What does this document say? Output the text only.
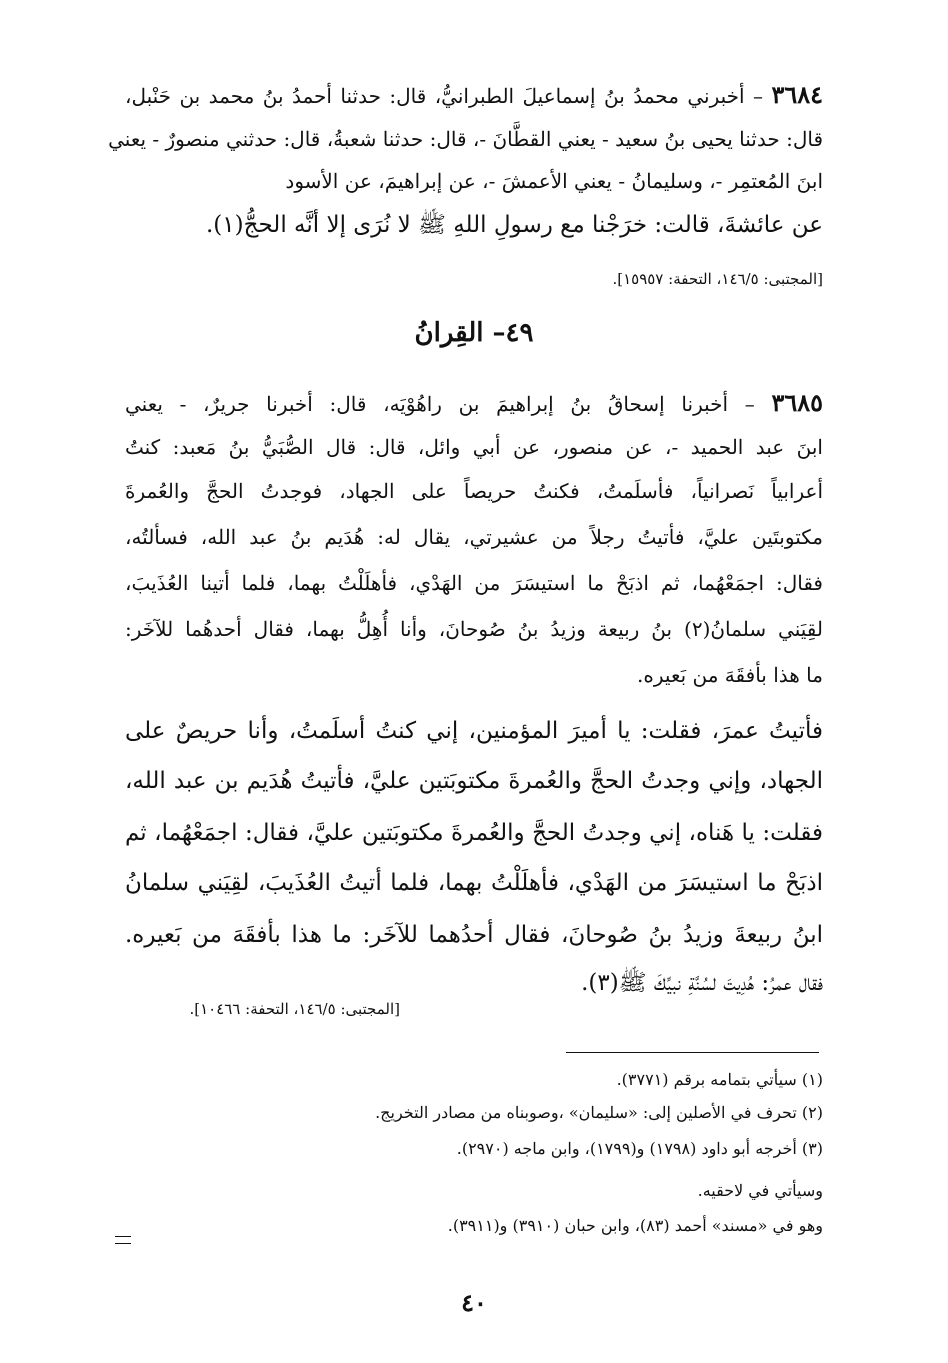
٣٦٨٤ – أخبرني محمدُ بنُ إسماعيلَ الطبرانيُّ، قال: حدثنا أحمدُ بنُ محمد بن حَنْبل،
قال: حدثنا يحيى بنُ سعيد - يعني القطَّانَ -، قال: حدثنا شعبةُ، قال: حدثني منصورٌ - يعني
ابنَ المُعتمِر -، وسليمانُ - يعني الأعمشَ -، عن إبراهيمَ، عن الأسود
عن عائشةَ، قالت: خرَجْنا مع رسولِ اللهِ ﷺ لا نُرَى إلا أنَّه الحجُّ(١).
[المجتبى: ١٤٦/٥، التحفة: ١٥٩٥٧].
٤٩– القِرانُ
٣٦٨٥ – أخبرنا إسحاقُ بنُ إبراهيمَ بن راهُوْيَه، قال: أخبرنا جريرٌ، - يعني
ابنَ عبد الحميد -، عن منصور، عن أبي وائل، قال: قال الصُّبَيُّ بنُ مَعبد: كنتُ
أعرابياً نَصرانياً، فأسلَمتُ، فكنتُ حريصاً على الجهاد، فوجدتُ الحجَّ والعُمرةَ
مكتوبتَين عليَّ، فأتيتُ رجلاً من عشيرتي، يقال له: هُدَيم بنُ عبد الله، فسألتُه،
فقال: اجمَعْهُما، ثم اذبَحْ ما استيسَرَ من الهَدْي، فأهلَلْتُ بهما، فلما أتينا العُذَيبَ،
لقِيَني سلمانُ(٢) بنُ ربيعة وزيدُ بنُ صُوحانَ، وأنا أُهِلُّ بهما، فقال أحدهُما للآخَر:
ما هذا بأفقَهَ من بَعيره.
فأتيتُ عمرَ، فقلت: يا أميرَ المؤمنين، إني كنتُ أسلَمتُ، وأنا حريصٌ على
الجهاد، وإني وجدتُ الحجَّ والعُمرةَ مكتوبَتين عليَّ، فأتيتُ هُدَيم بن عبد الله،
فقلت: يا هَناه، إني وجدتُ الحجَّ والعُمرةَ مكتوبَتين عليَّ، فقال: اجمَعْهُما، ثم
اذبَحْ ما استيسَرَ من الهَدْي، فأهلَلْتُ بهما، فلما أتيتُ العُذَيبَ، لقِيَني سلمانُ
ابنُ ربيعةَ وزيدُ بنُ صُوحانَ، فقال أحدُهما للآخَر: ما هذا بأفقَهَ من بَعيره.
فقال عمرُ: هُدِيتَ لسُنَّةِ نبيِّكَ ﷺ(٣).
[المجتبى: ١٤٦/٥، التحفة: ١٠٤٦٦].
(١) سيأتي بتمامه برقم (٣٧٧١).
(٢) تحرف في الأصلين إلى: «سليمان» ،وصوبناه من مصادر التخريج.
(٣) أخرجه أبو داود (١٧٩٨) و(١٧٩٩)، وابن ماجه (٢٩٧٠).
وسيأتي في لاحقيه.
وهو في «مسند» أحمد (٨٣)، وابن حبان (٣٩١٠) و(٣٩١١).
٤٠
